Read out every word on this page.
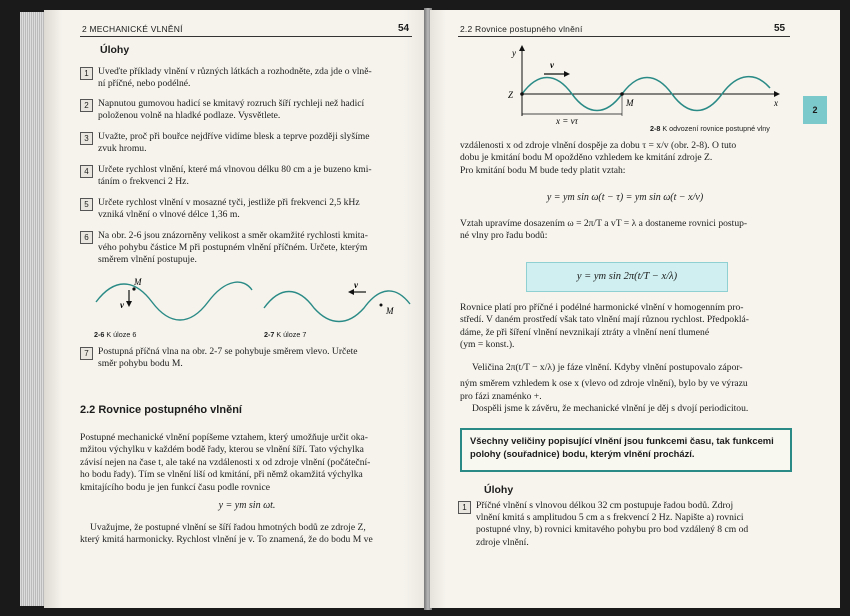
2 MECHANICKÉ VLNĚNÍ	54
Úlohy
1 Uveďte příklady vlnění v různých látkách a rozhodněte, zda jde o vlně-
ní příčné, nebo podélné.
2 Napnutou gumovou hadicí se kmitavý rozruch šíří rychleji než hadicí
položenou volně na hladké podlaze. Vysvětlete.
3 Uvažte, proč při bouřce nejdříve vidíme blesk a teprve později slyšíme
zvuk hromu.
4 Určete rychlost vlnění, které má vlnovou délku 80 cm a je buzeno kmi-
táním o frekvenci 2 Hz.
5 Určete rychlost vlnění v mosazné tyči, jestliže při frekvenci 2,5 kHz
vzniká vlnění o vlnové délce 1,36 m.
6 Na obr. 2-6 jsou znázorněny velikost a směr okamžité rychlosti kmita-
vého pohybu částice M při postupném vlnění příčném. Určete, kterým
směrem vlnění postupuje.
M
v
2-6 K úloze 6
v
M
2-7 K úloze 7
7 Postupná příčná vlna na obr. 2-7 se pohybuje směrem vlevo. Určete
směr pohybu bodu M.
2.2 Rovnice postupného vlnění
Postupné mechanické vlnění popíšeme vztahem, který umožňuje určit oka-
mžitou výchylku v každém bodě řady, kterou se vlnění šíří. Tato výchylka
závisí nejen na čase t, ale také na vzdálenosti x od zdroje vlnění (počáteční-
ho bodu řady). Tím se vlnění liší od kmitání, při němž okamžitá výchylka
kmitajícího bodu je jen funkcí času podle rovnice
y = ym sin ωt.
Uvažujme, že postupné vlnění se šíří řadou hmotných bodů ze zdroje Z,
který kmitá harmonicky. Rychlost vlnění je v. To znamená, že do bodu M ve
2.2 Rovnice postupného vlnění	55
y
Z
v
M	x
x = vτ
2-8 K odvození rovnice postupné vlny
vzdálenosti x od zdroje vlnění dospěje za dobu τ = x/v (obr. 2-8). O tuto
dobu je kmitání bodu M opožděno vzhledem ke kmitání zdroje Z.
Pro kmitání bodu M bude tedy platit vztah:
y = ym sin ω(t − τ) = ym sin ω(t − x/v)
Vztah upravíme dosazením ω = 2π/T a vT = λ a dostaneme rovnici postup-
né vlny pro řadu bodů:
y = ym sin 2π(t/T − x/λ)
Rovnice platí pro příčné i podélné harmonické vlnění v homogenním pro-
středí. V daném prostředí však tato vlnění mají různou rychlost. Předpoklá-
dáme, že při šíření vlnění nevznikají ztráty a vlnění není tlumené
(ym = konst.).
Veličina 2π(t/T − x/λ) je fáze vlnění. Kdyby vlnění postupovalo zápor-
ným směrem vzhledem k ose x (vlevo od zdroje vlnění), bylo by ve výrazu
pro fázi znaménko +.
Dospěli jsme k závěru, že mechanické vlnění je děj s dvojí periodicitou.
Všechny veličiny popisující vlnění jsou funkcemi času, tak funkcemi polohy (souřadnice) bodu, kterým vlnění prochází.
Úlohy
1 Příčné vlnění s vlnovou délkou 32 cm postupuje řadou bodů. Zdroj
vlnění kmitá s amplitudou 5 cm a s frekvencí 2 Hz. Napište a) rovnici
postupné vlny, b) rovnici kmitavého pohybu pro bod vzdálený 8 cm od
zdroje vlnění.
2
